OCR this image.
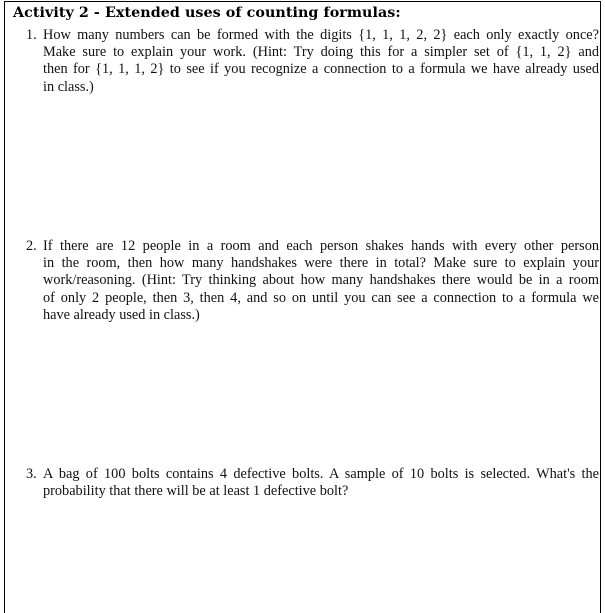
Activity 2 - Extended uses of counting formulas:
1. How many numbers can be formed with the digits {1, 1, 1, 2, 2} each only exactly once?
Make sure to explain your work. (Hint: Try doing this for a simpler set of {1, 1, 2} and
then for {1, 1, 1, 2} to see if you recognize a connection to a formula we have already used
in class.)
2. If there are 12 people in a room and each person shakes hands with every other person
in the room, then how many handshakes were there in total? Make sure to explain your
work/reasoning. (Hint: Try thinking about how many handshakes there would be in a room
of only 2 people, then 3, then 4, and so on until you can see a connection to a formula we
have already used in class.)
3. A bag of 100 bolts contains 4 defective bolts. A sample of 10 bolts is selected. What's the
probability that there will be at least 1 defective bolt?
